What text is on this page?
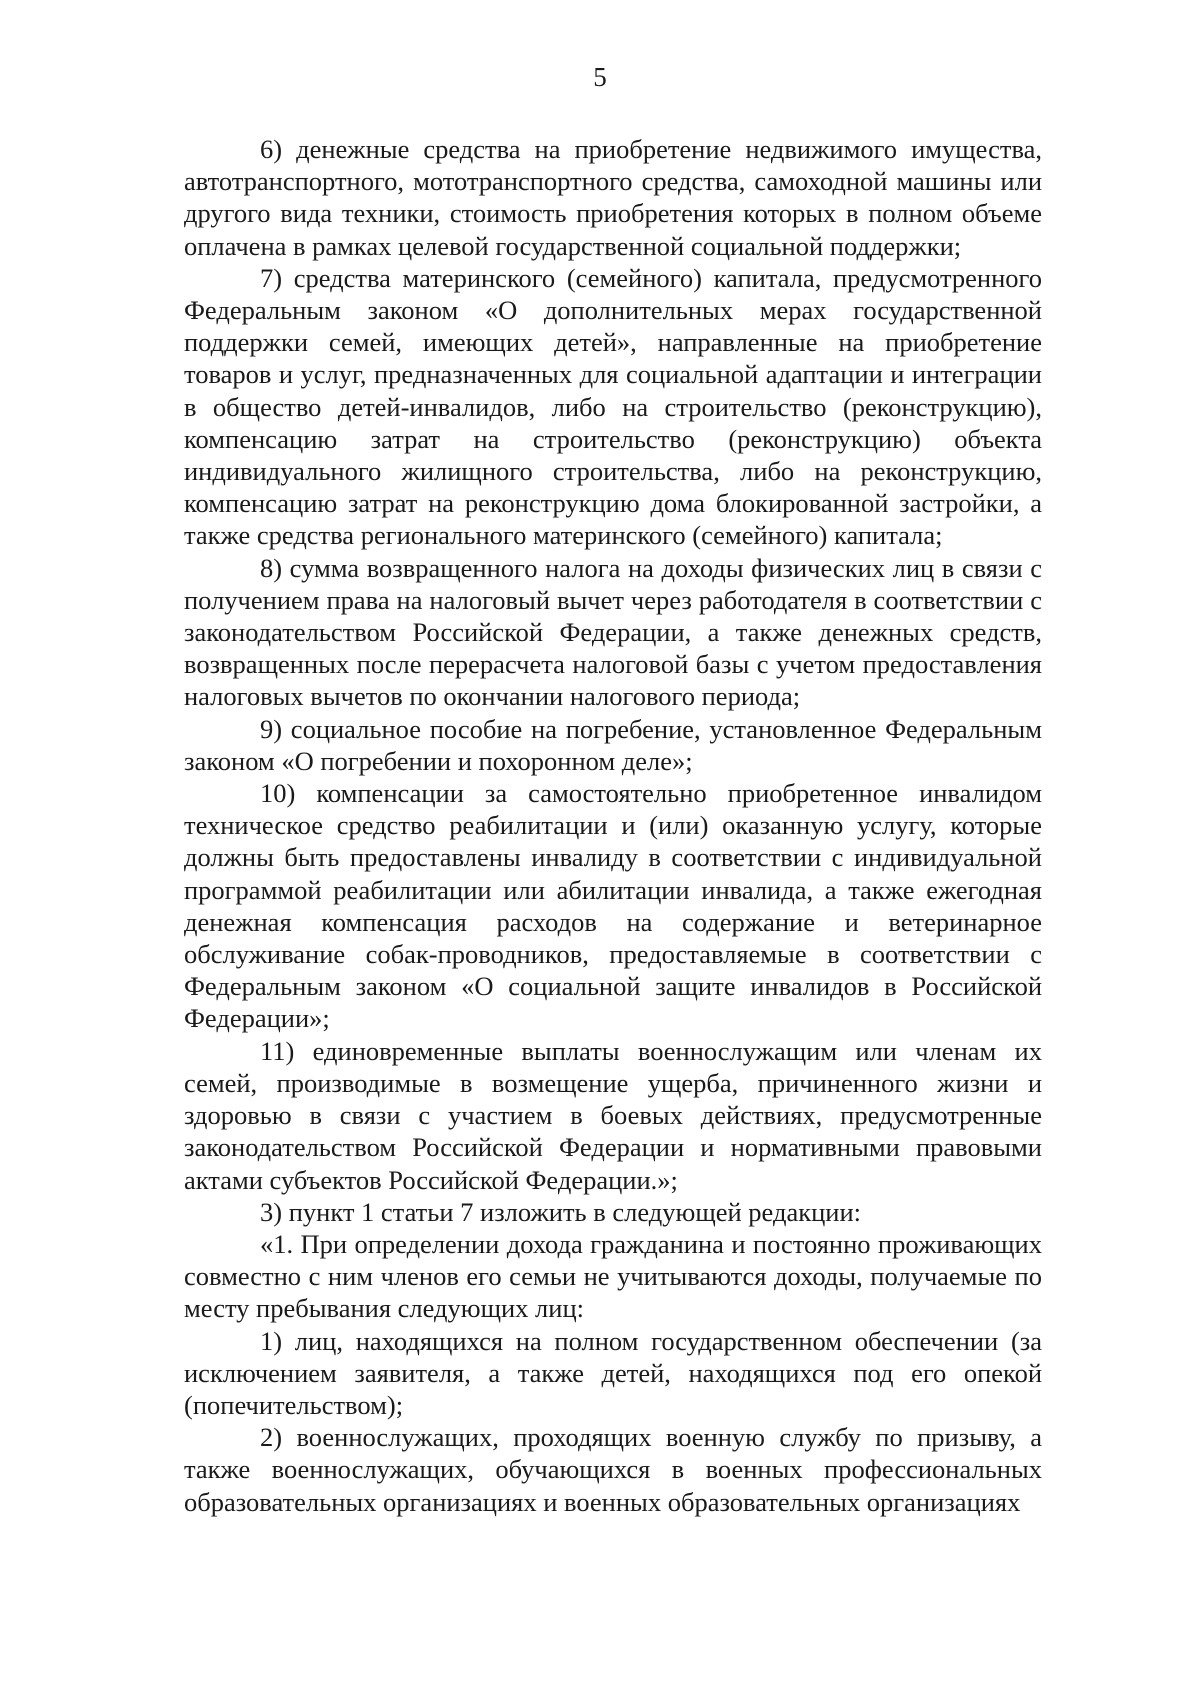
5

6) денежные средства на приобретение недвижимого имущества, автотранспортного, мототранспортного средства, самоходной машины или другого вида техники, стоимость приобретения которых в полном объеме оплачена в рамках целевой государственной социальной поддержки;

7) средства материнского (семейного) капитала, предусмотренного Федеральным законом «О дополнительных мерах государственной поддержки семей, имеющих детей», направленные на приобретение товаров и услуг, предназначенных для социальной адаптации и интеграции в общество детей-инвалидов, либо на строительство (реконструкцию), компенсацию затрат на строительство (реконструкцию) объекта индивидуального жилищного строительства, либо на реконструкцию, компенсацию затрат на реконструкцию дома блокированной застройки, а также средства регионального материнского (семейного) капитала;

8) сумма возвращенного налога на доходы физических лиц в связи с получением права на налоговый вычет через работодателя в соответствии с законодательством Российской Федерации, а также денежных средств, возвращенных после перерасчета налоговой базы с учетом предоставления налоговых вычетов по окончании налогового периода;

9) социальное пособие на погребение, установленное Федеральным законом «О погребении и похоронном деле»;

10) компенсации за самостоятельно приобретенное инвалидом техническое средство реабилитации и (или) оказанную услугу, которые должны быть предоставлены инвалиду в соответствии с индивидуальной программой реабилитации или абилитации инвалида, а также ежегодная денежная компенсация расходов на содержание и ветеринарное обслуживание собак-проводников, предоставляемые в соответствии с Федеральным законом «О социальной защите инвалидов в Российской Федерации»;

11) единовременные выплаты военнослужащим или членам их семей, производимые в возмещение ущерба, причиненного жизни и здоровью в связи с участием в боевых действиях, предусмотренные законодательством Российской Федерации и нормативными правовыми актами субъектов Российской Федерации.»;

3) пункт 1 статьи 7 изложить в следующей редакции:

«1. При определении дохода гражданина и постоянно проживающих совместно с ним членов его семьи не учитываются доходы, получаемые по месту пребывания следующих лиц:

1) лиц, находящихся на полном государственном обеспечении (за исключением заявителя, а также детей, находящихся под его опекой (попечительством);

2) военнослужащих, проходящих военную службу по призыву, а также военнослужащих, обучающихся в военных профессиональных образовательных организациях и военных образовательных организациях
